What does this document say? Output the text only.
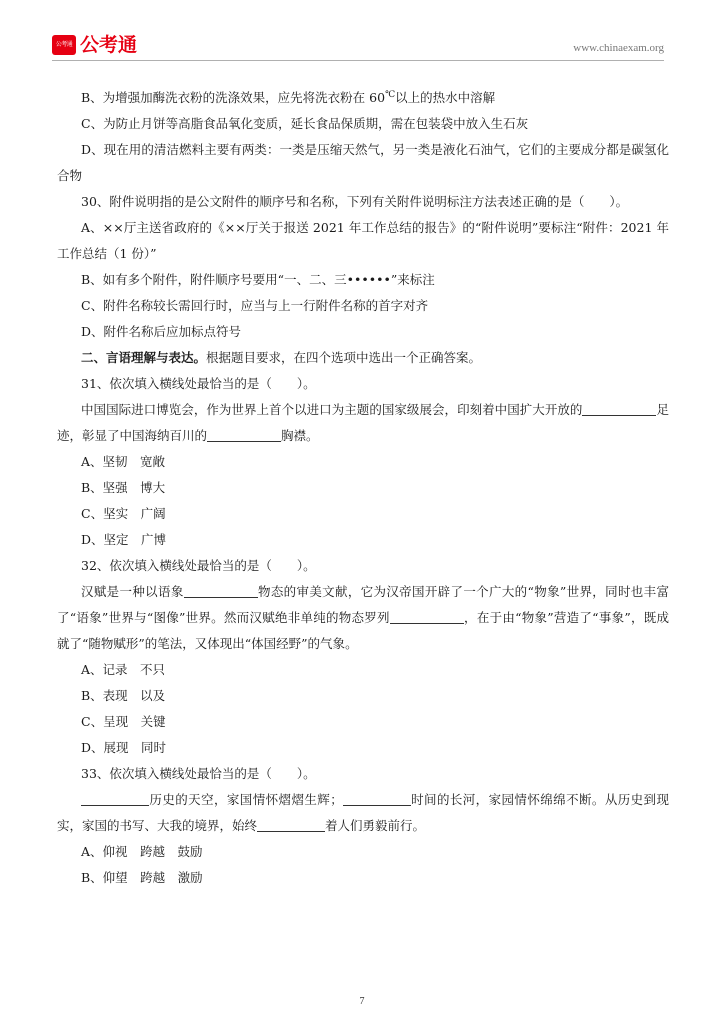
公考通 公考通	www.chinaexam.org

B、为增强加酶洗衣粉的洗涤效果，应先将洗衣粉在 60℃以上的热水中溶解

C、为防止月饼等高脂食品氧化变质，延长食品保质期，需在包装袋中放入生石灰

D、现在用的清洁燃料主要有两类：一类是压缩天然气，另一类是液化石油气，它们的主要成分都是碳氢化合物

30、附件说明指的是公文附件的顺序号和名称，下列有关附件说明标注方法表述正确的是（　　）。

A、××厅主送省政府的《××厅关于报送 2021 年工作总结的报告》的“附件说明”要标注“附件：2021 年工作总结（1 份）”

B、如有多个附件，附件顺序号要用“一、二、三••••••”来标注

C、附件名称较长需回行时，应当与上一行附件名称的首字对齐

D、附件名称后应加标点符号

二、言语理解与表达。根据题目要求，在四个选项中选出一个正确答案。

31、依次填入横线处最恰当的是（　　）。

中国国际进口博览会，作为世界上首个以进口为主题的国家级展会，印刻着中国扩大开放的	足迹，彰显了中国海纳百川的	胸襟。

A、坚韧　宽敞

B、坚强　博大

C、坚实　广阔

D、坚定　广博

32、依次填入横线处最恰当的是（　　）。

汉赋是一种以语象	物态的审美文献，它为汉帝国开辟了一个广大的“物象”世界，同时也丰富了“语象”世界与“图像”世界。然而汉赋绝非单纯的物态罗列	，在于由“物象”营造了“事象”，既成就了“随物赋形”的笔法，又体现出“体国经野”的气象。

A、记录　不只

B、表现　以及

C、呈现　关键

D、展现　同时

33、依次填入横线处最恰当的是（　　）。

历史的天空，家国情怀熠熠生辉；	时间的长河，家园情怀绵绵不断。从历史到现实，家国的书写、大我的境界，始终	着人们勇毅前行。

A、仰视　跨越　鼓励

B、仰望　跨越　激励

7
